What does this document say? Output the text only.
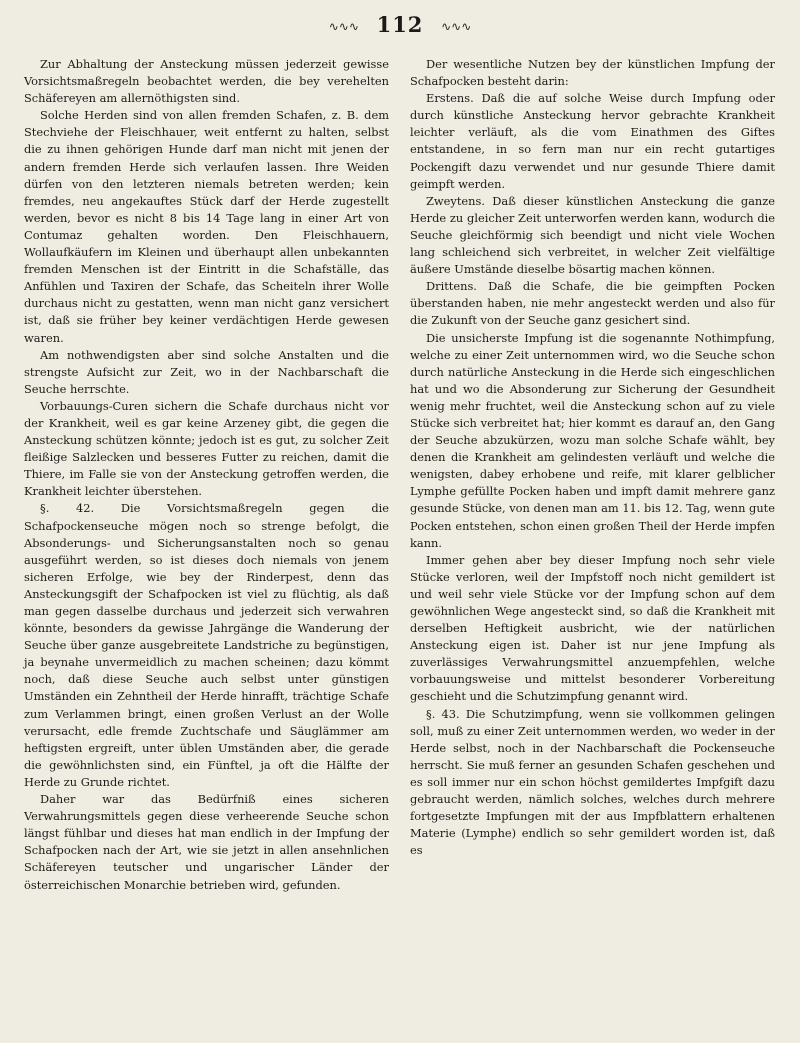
∿∿∿ 112 ∿∿∿

Zur Abhaltung der Ansteckung müssen jederzeit gewisse Vorsichtsmaßregeln beobachtet werden, die bey verehelten Schäfereyen am allernöthigsten sind.

Solche Herden sind von allen fremden Schafen, z. B. dem Stechviehe der Fleischhauer, weit entfernt zu halten, selbst die zu ihnen gehörigen Hunde darf man nicht mit jenen der andern fremden Herde sich verlaufen lassen. Ihre Weiden dürfen von den letzteren niemals betreten werden; kein fremdes, neu angekauftes Stück darf der Herde zugestellt werden, bevor es nicht 8 bis 14 Tage lang in einer Art von Contumaz gehalten worden. Den Fleischhauern, Wollaufkäufern im Kleinen und überhaupt allen unbekannten fremden Menschen ist der Eintritt in die Schafställe, das Anfühlen und Taxiren der Schafe, das Scheiteln ihrer Wolle durchaus nicht zu gestatten, wenn man nicht ganz versichert ist, daß sie früher bey keiner verdächtigen Herde gewesen waren.

Am nothwendigsten aber sind solche Anstalten und die strengste Aufsicht zur Zeit, wo in der Nachbarschaft die Seuche herrschte.

Vorbauungs-Curen sichern die Schafe durchaus nicht vor der Krankheit, weil es gar keine Arzeney gibt, die gegen die Ansteckung schützen könnte; jedoch ist es gut, zu solcher Zeit fleißige Salzlecken und besseres Futter zu reichen, damit die Thiere, im Falle sie von der Ansteckung getroffen werden, die Krankheit leichter überstehen.

§. 42. Die Vorsichtsmaßregeln gegen die Schafpockenseuche mögen noch so strenge befolgt, die Absonderungs- und Sicherungsanstalten noch so genau ausgeführt werden, so ist dieses doch niemals von jenem sicheren Erfolge, wie bey der Rinderpest, denn das Ansteckungsgift der Schafpocken ist viel zu flüchtig, als daß man gegen dasselbe durchaus und jederzeit sich verwahren könnte, besonders da gewisse Jahrgänge die Wanderung der Seuche über ganze ausgebreitete Landstriche zu begünstigen, ja beynahe unvermeidlich zu machen scheinen; dazu kömmt noch, daß diese Seuche auch selbst unter günstigen Umständen ein Zehntheil der Herde hinrafft, trächtige Schafe zum Verlammen bringt, einen großen Verlust an der Wolle verursacht, edle fremde Zuchtschafe und Säuglämmer am heftigsten ergreift, unter üblen Umständen aber, die gerade die gewöhnlichsten sind, ein Fünftel, ja oft die Hälfte der Herde zu Grunde richtet.

Daher war das Bedürfniß eines sicheren Verwahrungsmittels gegen diese verheerende Seuche schon längst fühlbar und dieses hat man endlich in der Impfung der Schafpocken nach der Art, wie sie jetzt in allen ansehnlichen Schäfereyen teutscher und ungarischer Länder der österreichischen Monarchie betrieben wird, gefunden.

Der wesentliche Nutzen bey der künstlichen Impfung der Schafpocken besteht darin:

Erstens. Daß die auf solche Weise durch Impfung oder durch künstliche Ansteckung hervor gebrachte Krankheit leichter verläuft, als die vom Einathmen des Giftes entstandene, in so fern man nur ein recht gutartiges Pockengift dazu verwendet und nur gesunde Thiere damit geimpft werden.

Zweytens. Daß dieser künstlichen Ansteckung die ganze Herde zu gleicher Zeit unterworfen werden kann, wodurch die Seuche gleichförmig sich beendigt und nicht viele Wochen lang schleichend sich verbreitet, in welcher Zeit vielfältige äußere Umstände dieselbe bösartig machen können.

Drittens. Daß die Schafe, die bie geimpften Pocken überstanden haben, nie mehr angesteckt werden und also für die Zukunft von der Seuche ganz gesichert sind.

Die unsicherste Impfung ist die sogenannte Nothimpfung, welche zu einer Zeit unternommen wird, wo die Seuche schon durch natürliche Ansteckung in die Herde sich eingeschlichen hat und wo die Absonderung zur Sicherung der Gesundheit wenig mehr fruchtet, weil die Ansteckung schon auf zu viele Stücke sich verbreitet hat; hier kommt es darauf an, den Gang der Seuche abzukürzen, wozu man solche Schafe wählt, bey denen die Krankheit am gelindesten verläuft und welche die wenigsten, dabey erhobene und reife, mit klarer gelblicher Lymphe gefüllte Pocken haben und impft damit mehrere ganz gesunde Stücke, von denen man am 11. bis 12. Tag, wenn gute Pocken entstehen, schon einen großen Theil der Herde impfen kann.

Immer gehen aber bey dieser Impfung noch sehr viele Stücke verloren, weil der Impfstoff noch nicht gemildert ist und weil sehr viele Stücke vor der Impfung schon auf dem gewöhnlichen Wege angesteckt sind, so daß die Krankheit mit derselben Heftigkeit ausbricht, wie der natürlichen Ansteckung eigen ist. Daher ist nur jene Impfung als zuverlässiges Verwahrungsmittel anzuempfehlen, welche vorbauungsweise und mittelst besonderer Vorbereitung geschieht und die Schutzimpfung genannt wird.

§. 43. Die Schutzimpfung, wenn sie vollkommen gelingen soll, muß zu einer Zeit unternommen werden, wo weder in der Herde selbst, noch in der Nachbarschaft die Pockenseuche herrscht. Sie muß ferner an gesunden Schafen geschehen und es soll immer nur ein schon höchst gemildertes Impfgift dazu gebraucht werden, nämlich solches, welches durch mehrere fortgesetzte Impfungen mit der aus Impfblattern erhaltenen Materie (Lymphe) endlich so sehr gemildert worden ist, daß es
